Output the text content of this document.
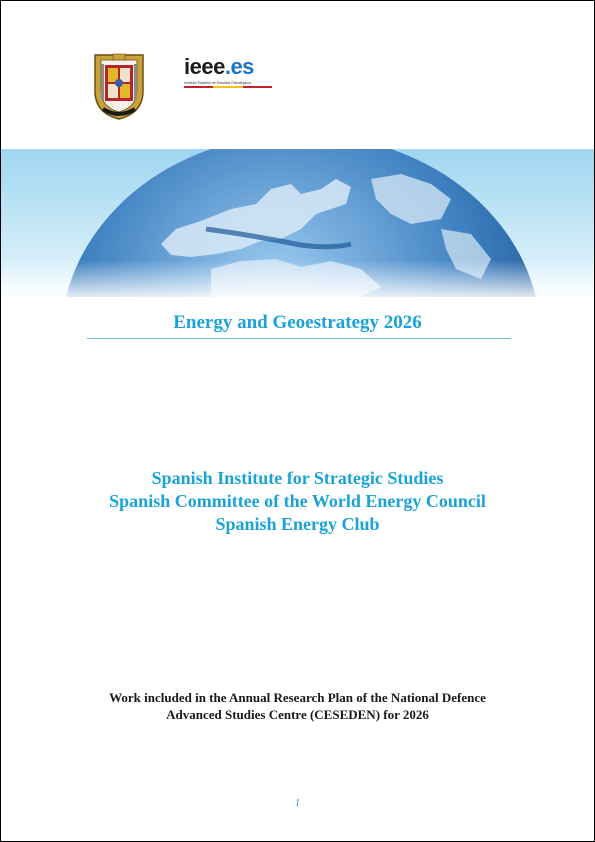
ieee.es
Instituto Español de Estudios Estratégicos
Energy and Geoestrategy 2026
Spanish Institute for Strategic Studies
Spanish Committee of the World Energy Council
Spanish Energy Club
Work included in the Annual Research Plan of the National Defence
Advanced Studies Centre (CESEDEN) for 2026
1
